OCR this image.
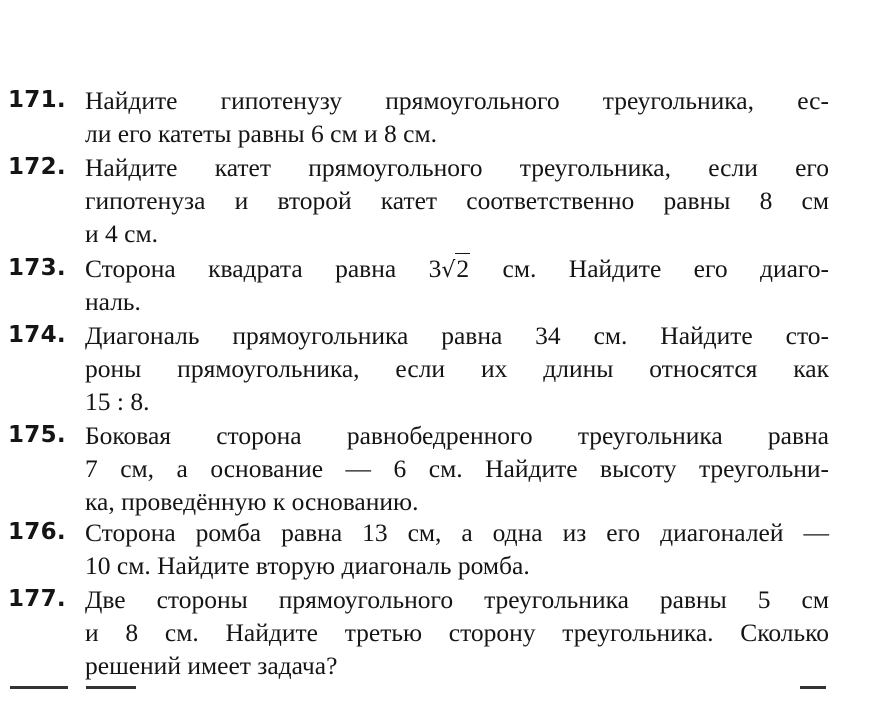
171. Найдите гипотенузу прямоугольного треугольника, ес-
ли его катеты равны 6 см и 8 см.
172. Найдите катет прямоугольного треугольника, если его
гипотенуза и второй катет соответственно равны 8 см
и 4 см.
173. Сторона квадрата равна 3√2 см. Найдите его диаго-
наль.
174. Диагональ прямоугольника равна 34 см. Найдите сто-
роны прямоугольника, если их длины относятся как
15 : 8.
175. Боковая сторона равнобедренного треугольника равна
7 см, а основание — 6 см. Найдите высоту треугольни-
ка, проведённую к основанию.
176. Сторона ромба равна 13 см, а одна из его диагоналей —
10 см. Найдите вторую диагональ ромба.
177. Две стороны прямоугольного треугольника равны 5 см
и 8 см. Найдите третью сторону треугольника. Сколько
решений имеет задача?
